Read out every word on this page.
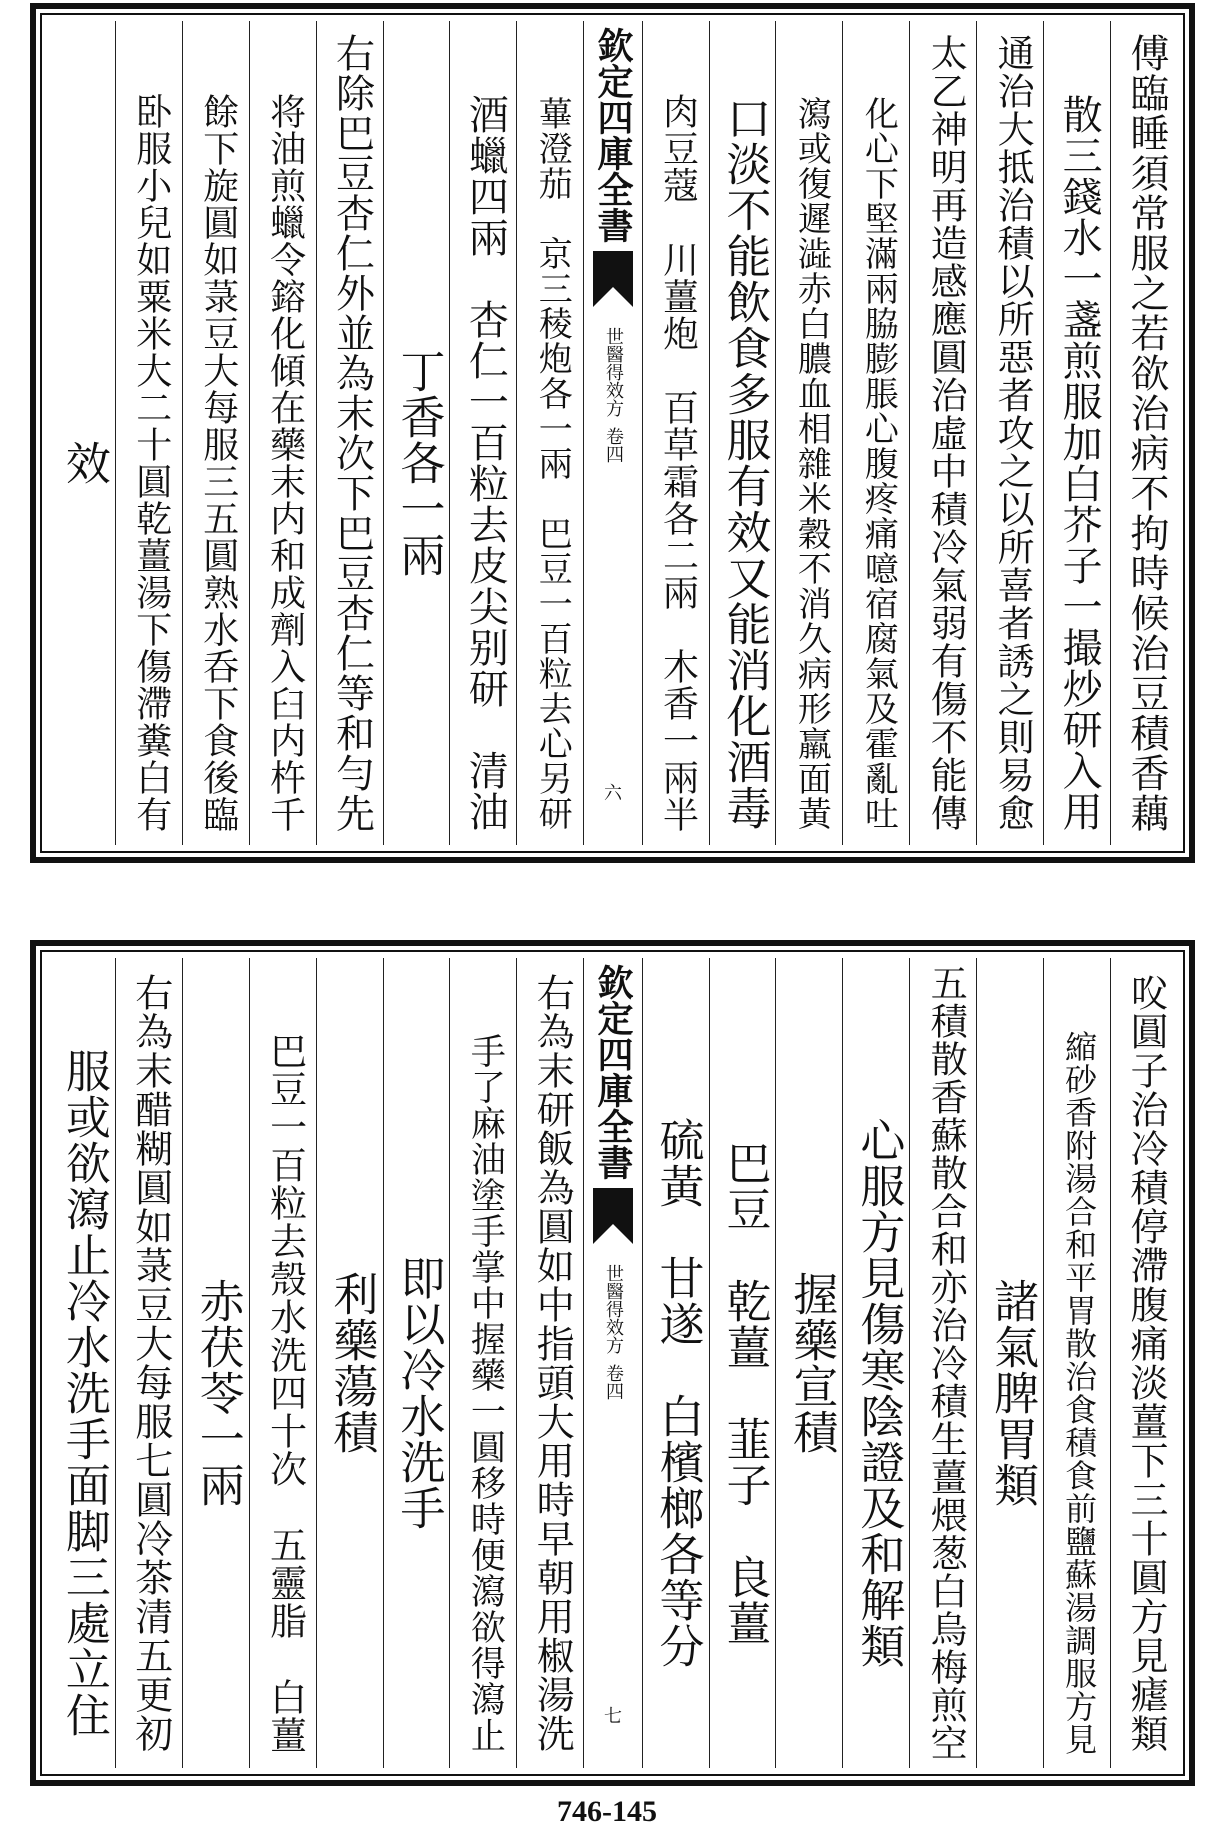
傅臨睡須常服之若欲治病不拘時候治豆積香藕
散三錢水一盞煎服加白芥子一撮炒研入用
通治大抵治積以所惡者攻之以所喜者誘之則易愈
太乙神明再造感應圓治虛中積冷氣弱有傷不能傳
化心下堅滿兩脇膨脹心腹疼痛噫宿腐氣及霍亂吐
瀉或復遲澁赤白膿血相雜米穀不消久病形羸面黃
口淡不能飲食多服有效又能消化酒毒
肉豆蔻　川薑炮　百草霜各二兩　木香一兩半
欽定四庫全書
世醫得效方
卷四
六
蓽澄茄　京三稜炮各一兩　巴豆一百粒去心另研
酒蠟四兩　杏仁一百粒去皮尖别研　清油
丁香各一兩
右除巴豆杏仁外並為末次下巴豆杏仁等和勻先
将油煎蠟令鎔化傾在藥末内和成劑入臼内杵千
餘下旋圓如菉豆大每服三五圓熟水呑下食後臨
卧服小兒如粟米大二十圓乾薑湯下傷滯糞白有
效
㕮圓子治冷積停滯腹痛淡薑下三十圓方見瘧類
縮砂香附湯合和平胃散治食積食前鹽蘇湯調服方見
諸氣脾胃類
五積散香蘇散合和亦治冷積生薑煨葱白烏梅煎空
心服方見傷寒陰證及和解類
握藥宣積
巴豆　乾薑　韮子　良薑
硫黃　甘遂　白檳榔各等分
欽定四庫全書
世醫得效方
卷四
七
右為末研飯為圓如中指頭大用時早朝用椒湯洗
手了麻油塗手掌中握藥一圓移時便瀉欲得瀉止
即以冷水洗手
利藥蕩積
巴豆一百粒去殼水洗四十次　五靈脂　白薑
赤茯苓一兩
右為末醋糊圓如菉豆大每服七圓冷茶清五更初
服或欲瀉止冷水洗手面脚三處立住
746-145
